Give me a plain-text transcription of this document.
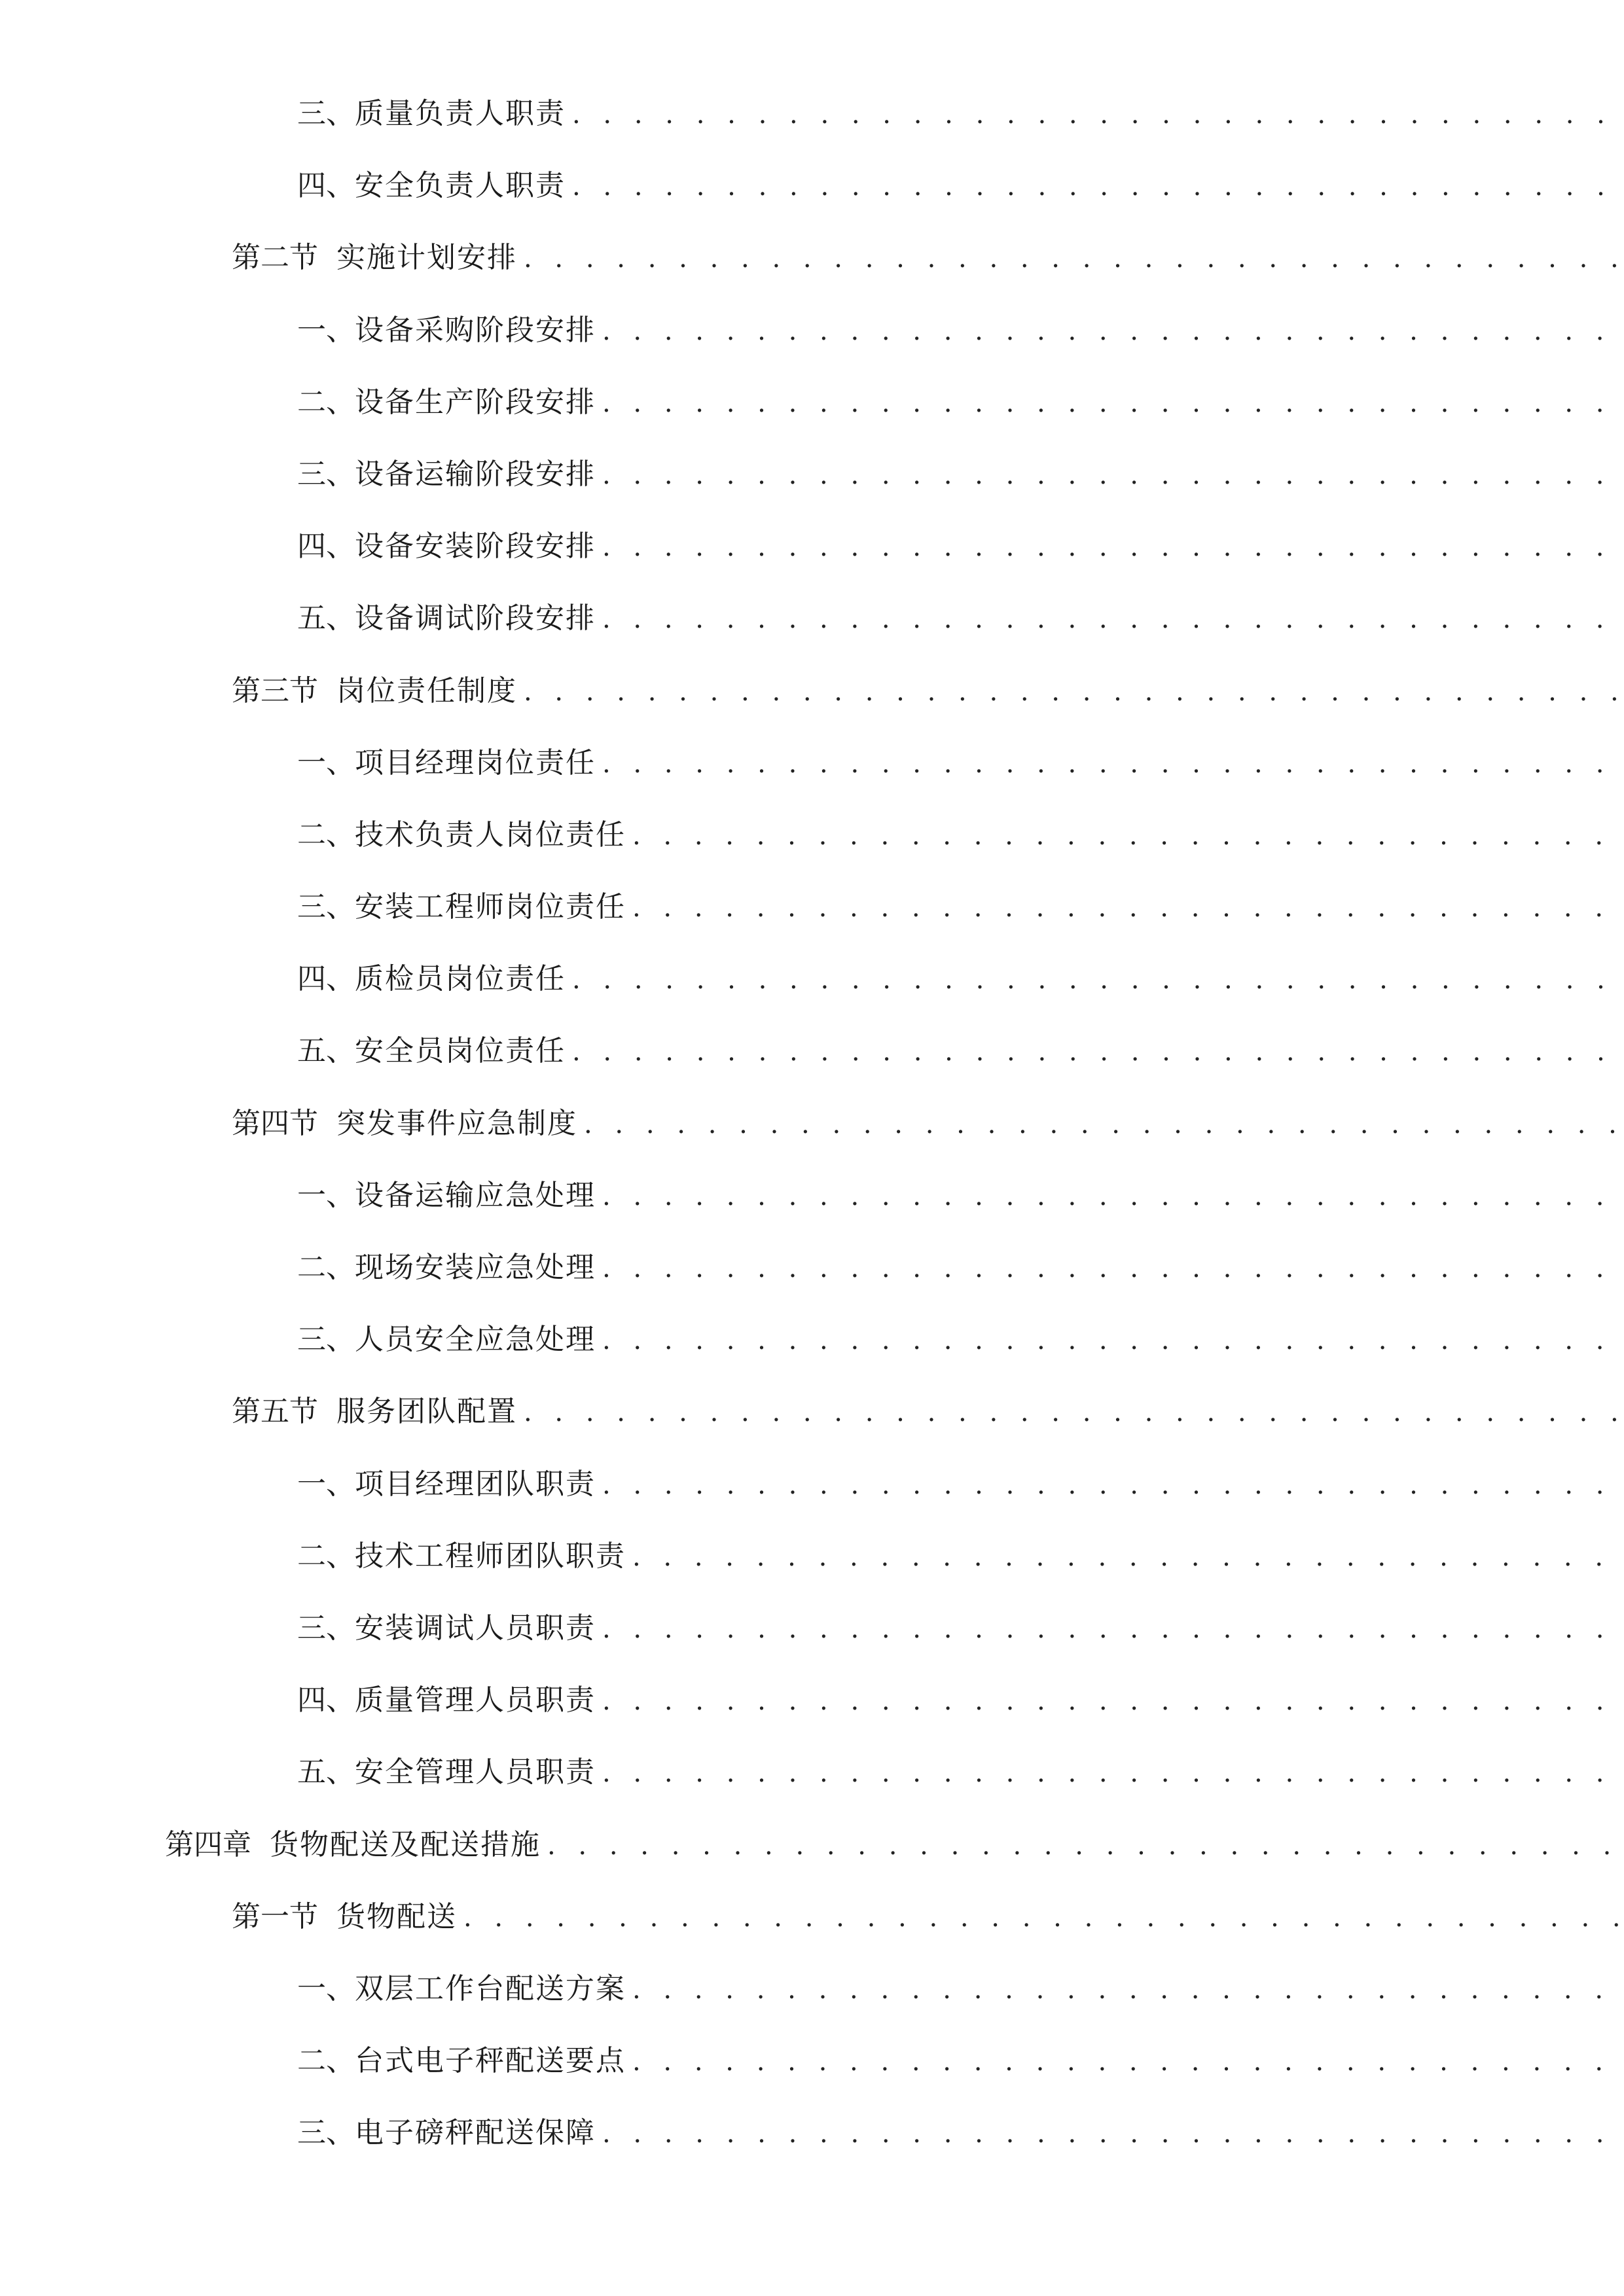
三、 质量负责人职责
. . .
四、 安全负责人职责
. . .
第二节 实施计划安排
. . .
一、 设备采购阶段安排
. . .
二、 设备生产阶段安排
. . .
三、 设备运输阶段安排
. . .
四、 设备安装阶段安排
. . .
五、 设备调试阶段安排
. . .
第三节 岗位责任制度
. . .
一、 项目经理岗位责任
. . .
二、 技术负责人岗位责任
. . .
三、 安装工程师岗位责任
. . .
四、 质检员岗位责任
. . .
五、 安全员岗位责任
. . .
第四节 突发事件应急制度
. . .
一、 设备运输应急处理
. . .
二、 现场安装应急处理
. . .
三、 人员安全应急处理
. . .
第五节 服务团队配置
. . .
一、 项目经理团队职责
. . .
二、 技术工程师团队职责
. . .
三、 安装调试人员职责
. . .
四、 质量管理人员职责
. . .
五、 安全管理人员职责
. . .
第四章 货物配送及配送措施
. . .
第一节 货物配送
. . .
一、 双层工作台配送方案
. . .
二、 台式电子秤配送要点
. . .
三、 电子磅秤配送保障
. . .
